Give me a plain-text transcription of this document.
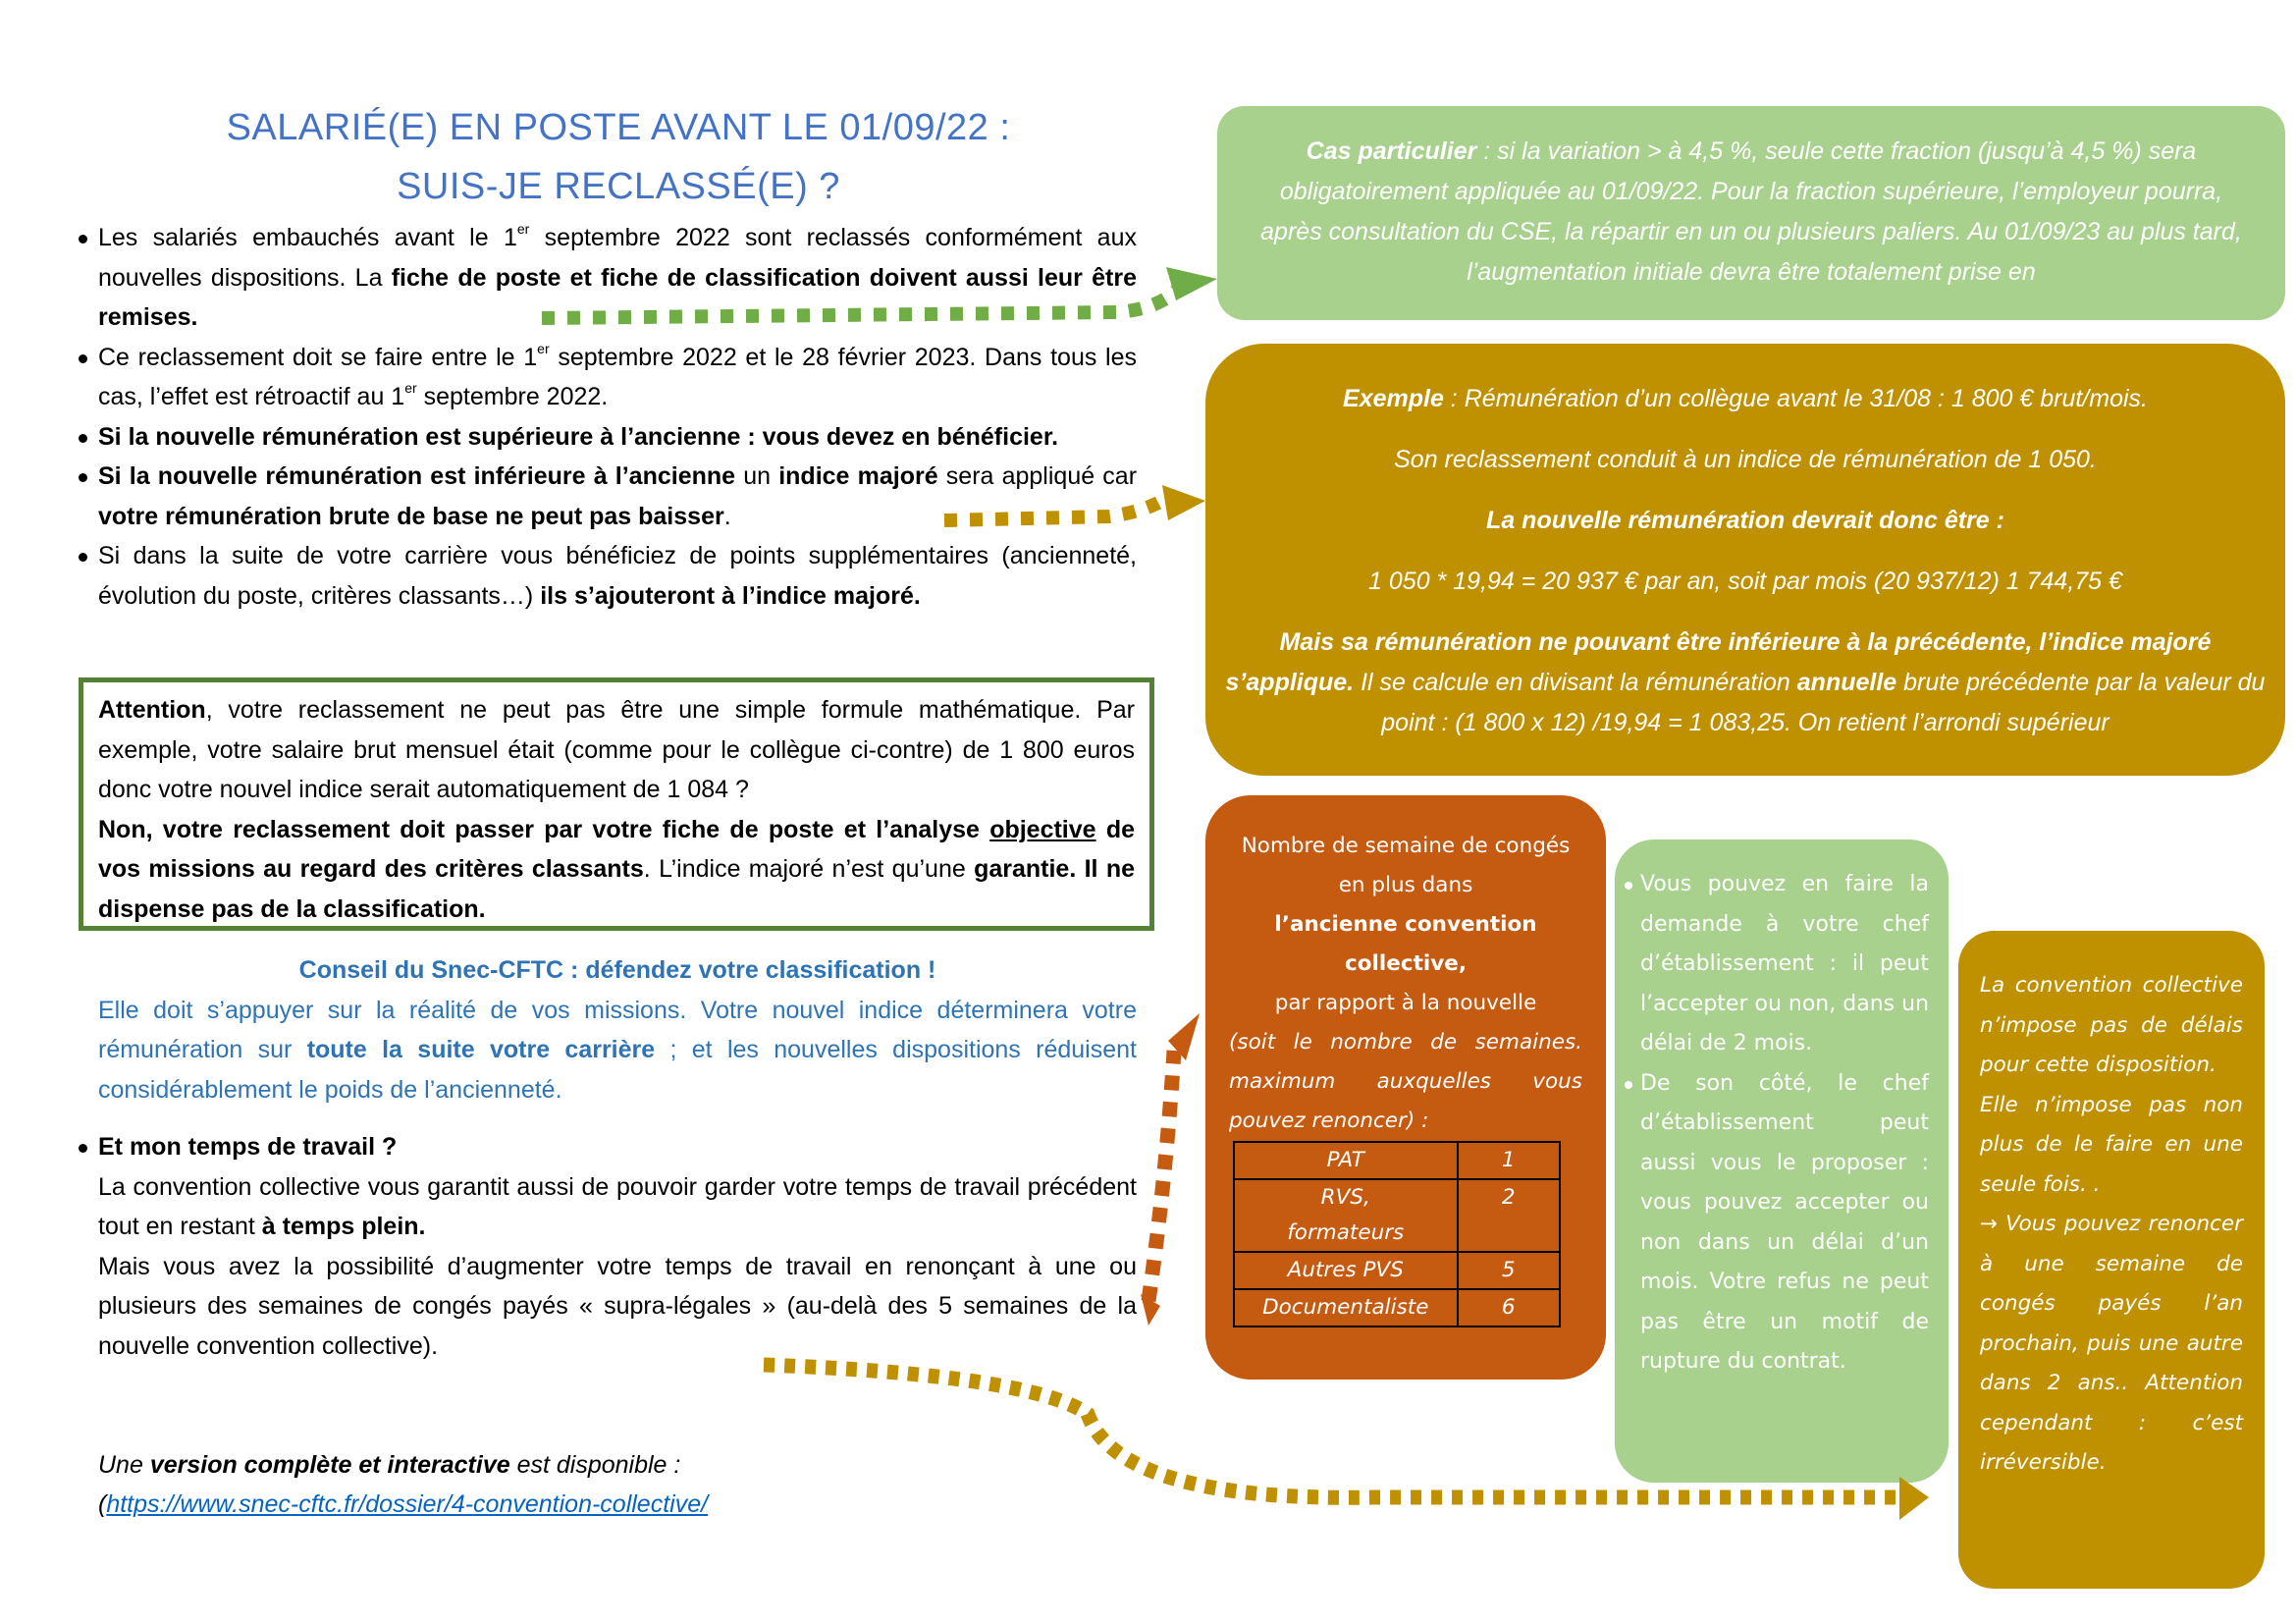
SALARIÉ(E) EN POSTE AVANT LE 01/09/22 :
SUIS-JE RECLASSÉ(E) ?

Les salariés embauchés avant le 1er septembre 2022 sont reclassés conformément aux nouvelles dispositions. La fiche de poste et fiche de classification doivent aussi leur être remises.

Ce reclassement doit se faire entre le 1er septembre 2022 et le 28 février 2023. Dans tous les cas, l’effet est rétroactif au 1er septembre 2022.

Si la nouvelle rémunération est supérieure à l’ancienne : vous devez en bénéficier.

Si la nouvelle rémunération est inférieure à l’ancienne un indice majoré sera appliqué car votre rémunération brute de base ne peut pas baisser.

Si dans la suite de votre carrière vous bénéficiez de points supplémentaires (ancienneté, évolution du poste, critères classants…) ils s’ajouteront à l’indice majoré.

Attention, votre reclassement ne peut pas être une simple formule mathématique. Par exemple, votre salaire brut mensuel était (comme pour le collègue ci-contre) de 1 800 euros donc votre nouvel indice serait automatiquement de 1 084 ?
Non, votre reclassement doit passer par votre fiche de poste et l’analyse objective de vos missions au regard des critères classants. L’indice majoré n’est qu’une garantie. Il ne dispense pas de la classification.
Conseil du Snec-CFTC : défendez votre classification !
Elle doit s’appuyer sur la réalité de vos missions. Votre nouvel indice déterminera votre rémunération sur toute la suite votre carrière ; et les nouvelles dispositions réduisent considérablement le poids de l’ancienneté.
Et mon temps de travail ?
La convention collective vous garantit aussi de pouvoir garder votre temps de travail précédent tout en restant à temps plein.
Mais vous avez la possibilité d’augmenter votre temps de travail en renonçant à une ou plusieurs des semaines de congés payés « supra-légales » (au-delà des 5 semaines de la nouvelle convention collective).
Une version complète et interactive est disponible :
(https://www.snec-cftc.fr/dossier/4-convention-collective/
Cas particulier : si la variation > à 4,5 %, seule cette fraction (jusqu’à 4,5 %) sera obligatoirement appliquée au 01/09/22. Pour la fraction supérieure, l’employeur pourra, après consultation du CSE, la répartir en un ou plusieurs paliers. Au 01/09/23 au plus tard, l’augmentation initiale devra être totalement prise en
Exemple : Rémunération d’un collègue avant le 31/08 : 1 800 € brut/mois.
Son reclassement conduit à un indice de rémunération de 1 050.
La nouvelle rémunération devrait donc être :
1 050 * 19,94 = 20 937 € par an, soit par mois (20 937/12) 1 744,75 €
Mais sa rémunération ne pouvant être inférieure à la précédente, l’indice majoré s’applique. Il se calcule en divisant la rémunération annuelle brute précédente par la valeur du point : (1 800 x 12) /19,94 = 1 083,25. On retient l’arrondi supérieur
Nombre de semaine de congés en plus dans
l’ancienne convention collective,
par rapport à la nouvelle
(soit le nombre de semaines. maximum auxquelles vous pouvez renoncer) :
PAT	1
RVS, formateurs	2
Autres PVS	5
Documentaliste	6
Vous pouvez en faire la demande à votre chef d’établissement : il peut l’accepter ou non, dans un délai de 2 mois.
De son côté, le chef d’établissement peut aussi vous le proposer : vous pouvez accepter ou non dans un délai d’un mois. Votre refus ne peut pas être un motif de rupture du contrat.
La convention collective n’impose pas de délais pour cette disposition.
Elle n’impose pas non plus de le faire en une seule fois. .
→ Vous pouvez renoncer à une semaine de congés payés l’an prochain, puis une autre dans 2 ans.. Attention cependant : c’est irréversible.
